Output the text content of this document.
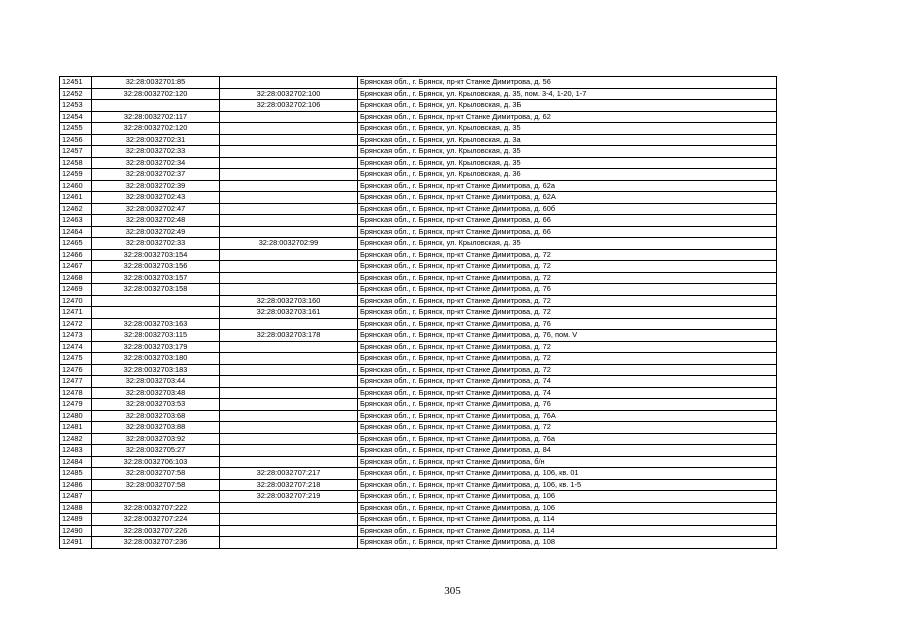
12451	32:28:0032701:85		Брянская обл., г. Брянск, пр-кт Станке Димитрова, д. 56
12452	32:28:0032702:120	32:28:0032702:100	Брянская обл., г. Брянск, ул. Крыловская, д. 35, пом. 3-4, 1-20, 1-7
12453		32:28:0032702:106	Брянская обл., г. Брянск, ул. Крыловская, д. 3Б
12454	32:28:0032702:117		Брянская обл., г. Брянск, пр-кт Станке Димитрова, д. 62
12455	32:28:0032702:120		Брянская обл., г. Брянск, ул. Крыловская, д. 35
12456	32:28:0032702:31		Брянская обл., г. Брянск, ул. Крыловская, д. 3а
12457	32:28:0032702:33		Брянская обл., г. Брянск, ул. Крыловская, д. 35
12458	32:28:0032702:34		Брянская обл., г. Брянск, ул. Крыловская, д. 35
12459	32:28:0032702:37		Брянская обл., г. Брянск, ул. Крыловская, д. 36
12460	32:28:0032702:39		Брянская обл., г. Брянск, пр-кт Станке Димитрова, д. 62а
12461	32:28:0032702:43		Брянская обл., г. Брянск, пр-кт Станке Димитрова, д. 62А
12462	32:28:0032702:47		Брянская обл., г. Брянск, пр-кт Станке Димитрова, д. 60б
12463	32:28:0032702:48		Брянская обл., г. Брянск, пр-кт Станке Димитрова, д. 66
12464	32:28:0032702:49		Брянская обл., г. Брянск, пр-кт Станке Димитрова, д. 66
12465	32:28:0032702:33	32:28:0032702:99	Брянская обл., г. Брянск, ул. Крыловская, д. 35
12466	32:28:0032703:154		Брянская обл., г. Брянск, пр-кт Станке Димитрова, д. 72
12467	32:28:0032703:156		Брянская обл., г. Брянск, пр-кт Станке Димитрова, д. 72
12468	32:28:0032703:157		Брянская обл., г. Брянск, пр-кт Станке Димитрова, д. 72
12469	32:28:0032703:158		Брянская обл., г. Брянск, пр-кт Станке Димитрова, д. 76
12470		32:28:0032703:160	Брянская обл., г. Брянск, пр-кт Станке Димитрова, д. 72
12471		32:28:0032703:161	Брянская обл., г. Брянск, пр-кт Станке Димитрова, д. 72
12472	32:28:0032703:163		Брянская обл., г. Брянск, пр-кт Станке Димитрова, д. 76
12473	32:28:0032703:115	32:28:0032703:178	Брянская обл., г. Брянск, пр-кт Станке Димитрова, д. 76, пом. V
12474	32:28:0032703:179		Брянская обл., г. Брянск, пр-кт Станке Димитрова, д. 72
12475	32:28:0032703:180		Брянская обл., г. Брянск, пр-кт Станке Димитрова, д. 72
12476	32:28:0032703:183		Брянская обл., г. Брянск, пр-кт Станке Димитрова, д. 72
12477	32:28:0032703:44		Брянская обл., г. Брянск, пр-кт Станке Димитрова, д. 74
12478	32:28:0032703:48		Брянская обл., г. Брянск, пр-кт Станке Димитрова, д. 74
12479	32:28:0032703:53		Брянская обл., г. Брянск, пр-кт Станке Димитрова, д. 76
12480	32:28:0032703:68		Брянская обл., г. Брянск, пр-кт Станке Димитрова, д. 76А
12481	32:28:0032703:88		Брянская обл., г. Брянск, пр-кт Станке Димитрова, д. 72
12482	32:28:0032703:92		Брянская обл., г. Брянск, пр-кт Станке Димитрова, д. 76а
12483	32:28:0032705:27		Брянская обл., г. Брянск, пр-кт Станке Димитрова, д. 84
12484	32:28:0032706:103		Брянская обл., г. Брянск, пр-кт Станке Димитрова, б/н
12485	32:28:0032707:58	32:28:0032707:217	Брянская обл., г. Брянск, пр-кт Станке Димитрова, д. 106, кв. 01
12486	32:28:0032707:58	32:28:0032707:218	Брянская обл., г. Брянск, пр-кт Станке Димитрова, д. 106, кв. 1-5
12487		32:28:0032707:219	Брянская обл., г. Брянск, пр-кт Станке Димитрова, д. 106
12488	32:28:0032707:222		Брянская обл., г. Брянск, пр-кт Станке Димитрова, д. 106
12489	32:28:0032707:224		Брянская обл., г. Брянск, пр-кт Станке Димитрова, д. 114
12490	32:28:0032707:226		Брянская обл., г. Брянск, пр-кт Станке Димитрова, д. 114
12491	32:28:0032707:236		Брянская обл., г. Брянск, пр-кт Станке Димитрова, д. 108
305
